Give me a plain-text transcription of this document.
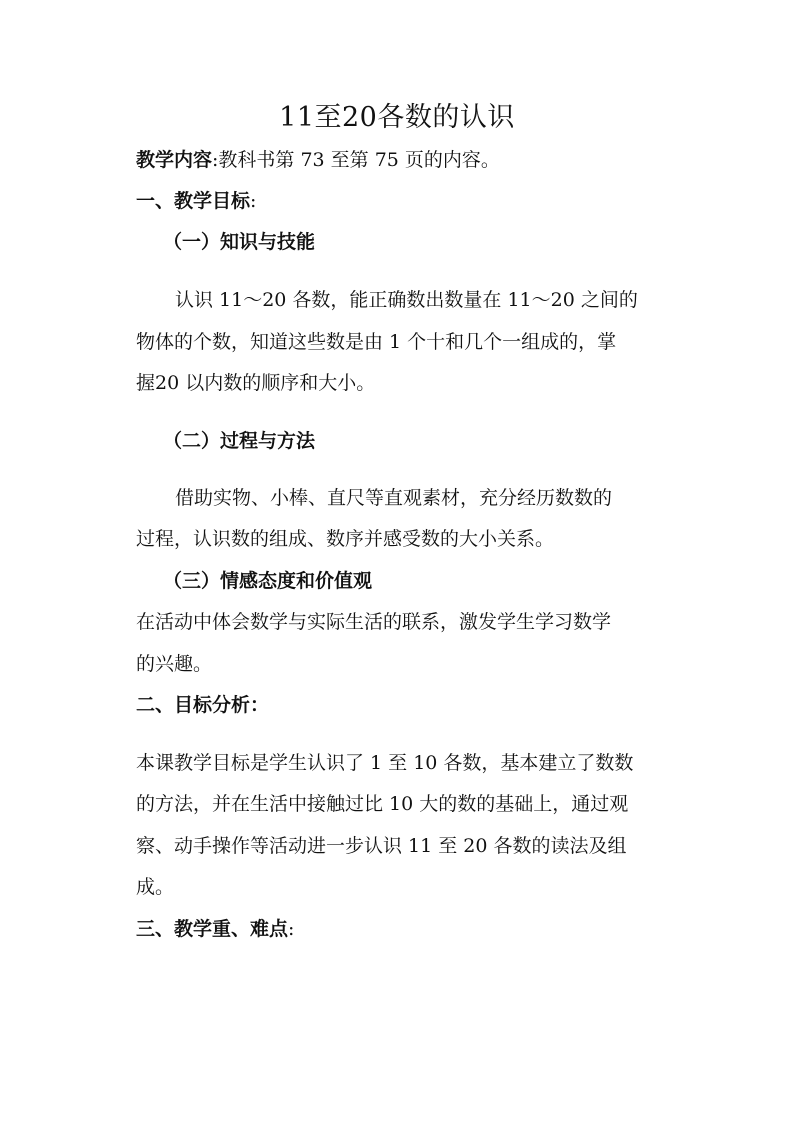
11至20各数的认识
教学内容:教科书第 73 至第 75 页的内容。
一、教学目标:
（一）知识与技能
认识 11～20 各数，能正确数出数量在 11～20 之间的
物体的个数，知道这些数是由 1 个十和几个一组成的，掌
握20 以内数的顺序和大小。
（二）过程与方法
借助实物、小棒、直尺等直观素材，充分经历数数的
过程，认识数的组成、数序并感受数的大小关系。
（三）情感态度和价值观
在活动中体会数学与实际生活的联系，激发学生学习数学
的兴趣。
二、目标分析：
本课教学目标是学生认识了 1 至 10 各数，基本建立了数数
的方法，并在生活中接触过比 10 大的数的基础上，通过观
察、动手操作等活动进一步认识 11 至 20 各数的读法及组
成。
三、教学重、难点:
